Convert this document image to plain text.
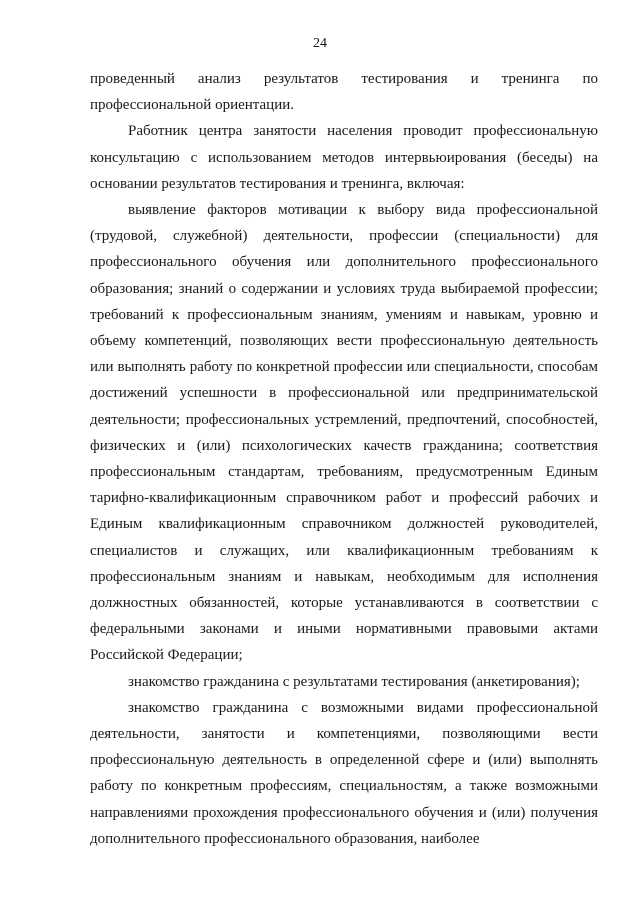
24

проведенный анализ результатов тестирования и тренинга по профессиональной ориентации.

Работник центра занятости населения проводит профессиональную консультацию с использованием методов интервьюирования (беседы) на основании результатов тестирования и тренинга, включая:

выявление факторов мотивации к выбору вида профессиональной (трудовой, служебной) деятельности, профессии (специальности) для профессионального обучения или дополнительного профессионального образования; знаний о содержании и условиях труда выбираемой профессии; требований к профессиональным знаниям, умениям и навыкам, уровню и объему компетенций, позволяющих вести профессиональную деятельность или выполнять работу по конкретной профессии или специальности, способам достижений успешности в профессиональной или предпринимательской деятельности; профессиональных устремлений, предпочтений, способностей, физических и (или) психологических качеств гражданина; соответствия профессиональным стандартам, требованиям, предусмотренным Единым тарифно-квалификационным справочником работ и профессий рабочих и Единым квалификационным справочником должностей руководителей, специалистов и служащих, или квалификационным требованиям к профессиональным знаниям и навыкам, необходимым для исполнения должностных обязанностей, которые устанавливаются в соответствии с федеральными законами и иными нормативными правовыми актами Российской Федерации;

знакомство гражданина с результатами тестирования (анкетирования);

знакомство гражданина с возможными видами профессиональной деятельности, занятости и компетенциями, позволяющими вести профессиональную деятельность в определенной сфере и (или) выполнять работу по конкретным профессиям, специальностям, а также возможными направлениями прохождения профессионального обучения и (или) получения дополнительного профессионального образования, наиболее
